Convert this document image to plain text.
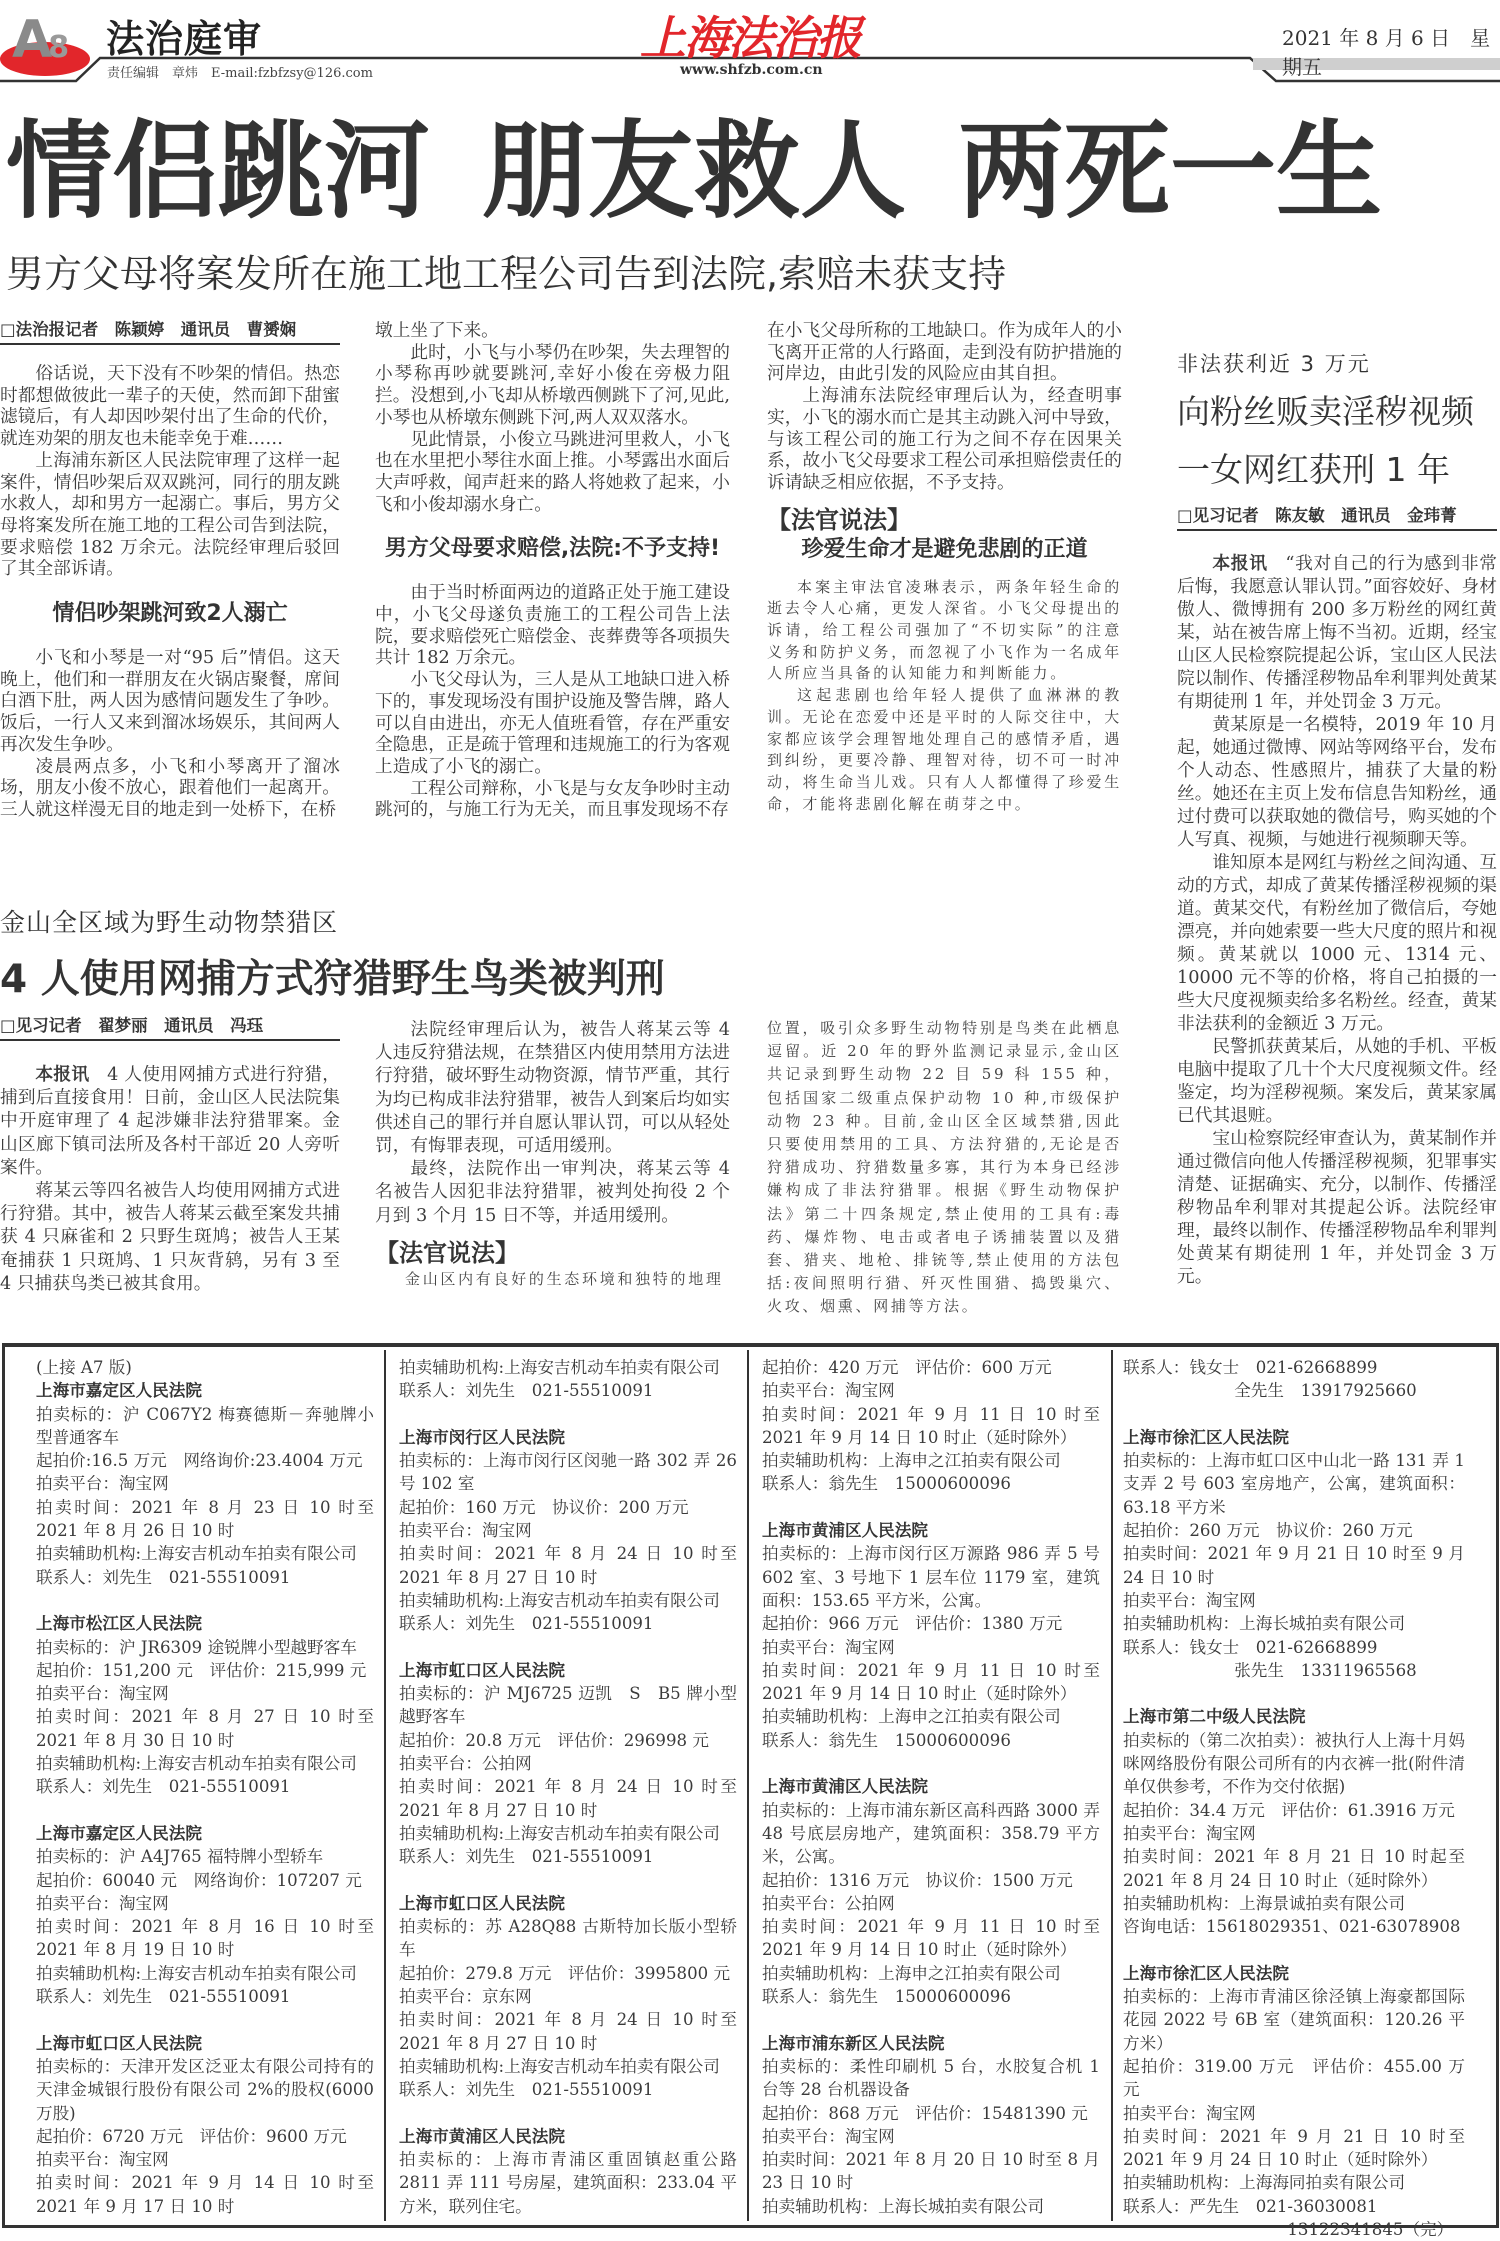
A8 法治庭审	上海法治报	2021 年 8 月 6 日　星期五
责任编辑　章炜　E-mail:fzbfzsy@126.com	www.shfzb.com.cn
情侣跳河 朋友救人 两死一生
男方父母将案发所在施工地工程公司告到法院,索赔未获支持
□法治报记者　陈颖婷　通讯员　曹赟娴
俗话说，天下没有不吵架的情侣。热恋时都想做彼此一辈子的天使，然而卸下甜蜜滤镜后，有人却因吵架付出了生命的代价，就连劝架的朋友也未能幸免于难……
上海浦东新区人民法院审理了这样一起案件，情侣吵架后双双跳河，同行的朋友跳水救人，却和男方一起溺亡。事后，男方父母将案发所在施工地的工程公司告到法院，要求赔偿 182 万余元。法院经审理后驳回了其全部诉请。
情侣吵架跳河致2人溺亡
小飞和小琴是一对“95 后”情侣。这天晚上，他们和一群朋友在火锅店聚餐，席间白酒下肚，两人因为感情问题发生了争吵。饭后，一行人又来到溜冰场娱乐，其间两人再次发生争吵。
凌晨两点多，小飞和小琴离开了溜冰场，朋友小俊不放心，跟着他们一起离开。三人就这样漫无目的地走到一处桥下，在桥
墩上坐了下来。
此时，小飞与小琴仍在吵架，失去理智的小琴称再吵就要跳河,幸好小俊在旁极力阻拦。没想到,小飞却从桥墩西侧跳下了河,见此,小琴也从桥墩东侧跳下河,两人双双落水。
见此情景，小俊立马跳进河里救人，小飞也在水里把小琴往水面上推。小琴露出水面后大声呼救，闻声赶来的路人将她救了起来，小飞和小俊却溺水身亡。
男方父母要求赔偿,法院:不予支持!
由于当时桥面两边的道路正处于施工建设中，小飞父母遂负责施工的工程公司告上法院，要求赔偿死亡赔偿金、丧葬费等各项损失共计 182 万余元。
小飞父母认为，三人是从工地缺口进入桥下的，事发现场没有围护设施及警告牌，路人可以自由进出，亦无人值班看管，存在严重安全隐患，正是疏于管理和违规施工的行为客观上造成了小飞的溺亡。
工程公司辩称，小飞是与女友争吵时主动跳河的，与施工行为无关，而且事发现场不存
在小飞父母所称的工地缺口。作为成年人的小飞离开正常的人行路面，走到没有防护措施的河岸边，由此引发的风险应由其自担。
上海浦东法院经审理后认为，经查明事实，小飞的溺水而亡是其主动跳入河中导致，与该工程公司的施工行为之间不存在因果关系，故小飞父母要求工程公司承担赔偿责任的诉请缺乏相应依据，不予支持。
【法官说法】
珍爱生命才是避免悲剧的正道
本案主审法官凌琳表示，两条年轻生命的逝去令人心痛，更发人深省。小飞父母提出的诉请，给工程公司强加了“不切实际”的注意义务和防护义务，而忽视了小飞作为一名成年人所应当具备的认知能力和判断能力。
这起悲剧也给年轻人提供了血淋淋的教训。无论在恋爱中还是平时的人际交往中，大家都应该学会理智地处理自己的感情矛盾，遇到纠纷，更要冷静、理智对待，切不可一时冲动，将生命当儿戏。只有人人都懂得了珍爱生命，才能将悲剧化解在萌芽之中。
非法获利近 3 万元
向粉丝贩卖淫秽视频
一女网红获刑 1 年
□见习记者　陈友敏　通讯员　金玮菁
本报讯 “我对自己的行为感到非常后悔，我愿意认罪认罚。”面容姣好、身材傲人、微博拥有 200 多万粉丝的网红黄某，站在被告席上悔不当初。近期，经宝山区人民检察院提起公诉，宝山区人民法院以制作、传播淫秽物品牟利罪判处黄某有期徒刑 1 年，并处罚金 3 万元。
黄某原是一名模特，2019 年 10 月起，她通过微博、网站等网络平台，发布个人动态、性感照片，捕获了大量的粉丝。她还在主页上发布信息告知粉丝，通过付费可以获取她的微信号，购买她的个人写真、视频，与她进行视频聊天等。
谁知原本是网红与粉丝之间沟通、互动的方式，却成了黄某传播淫秽视频的渠道。黄某交代，有粉丝加了微信后，夸她漂亮，并向她索要一些大尺度的照片和视频。黄某就以 1000 元、1314 元、10000 元不等的价格，将自己拍摄的一些大尺度视频卖给多名粉丝。经查，黄某非法获利的金额近 3 万元。
民警抓获黄某后，从她的手机、平板电脑中提取了几十个大尺度视频文件。经鉴定，均为淫秽视频。案发后，黄某家属已代其退赃。
宝山检察院经审查认为，黄某制作并通过微信向他人传播淫秽视频，犯罪事实清楚、证据确实、充分，以制作、传播淫秽物品牟利罪对其提起公诉。法院经审理，最终以制作、传播淫秽物品牟利罪判处黄某有期徒刑 1 年，并处罚金 3 万元。
金山全区域为野生动物禁猎区
4 人使用网捕方式狩猎野生鸟类被判刑
□见习记者　翟梦丽　通讯员　冯珏
本报讯 4 人使用网捕方式进行狩猎，捕到后直接食用！日前，金山区人民法院集中开庭审理了 4 起涉嫌非法狩猎罪案。金山区廊下镇司法所及各村干部近 20 人旁听案件。
蒋某云等四名被告人均使用网捕方式进行狩猎。其中，被告人蒋某云截至案发共捕获 4 只麻雀和 2 只野生斑鸠；被告人王某奄捕获 1 只斑鸠、1 只灰背鸫，另有 3 至 4 只捕获鸟类已被其食用。
法院经审理后认为，被告人蒋某云等 4 人违反狩猎法规，在禁猎区内使用禁用方法进行狩猎，破坏野生动物资源，情节严重，其行为均已构成非法狩猎罪，被告人到案后均如实供述自己的罪行并自愿认罪认罚，可以从轻处罚，有悔罪表现，可适用缓刑。
最终，法院作出一审判决，蒋某云等 4 名被告人因犯非法狩猎罪，被判处拘役 2 个月到 3 个月 15 日不等，并适用缓刑。
【法官说法】
金山区内有良好的生态环境和独特的地理
位置，吸引众多野生动物特别是鸟类在此栖息逗留。近 20 年的野外监测记录显示,金山区共记录到野生动物 22 目 59 科 155 种，包括国家二级重点保护动物 10 种,市级保护动物 23 种。目前,金山区全区域禁猎,因此只要使用禁用的工具、方法狩猎的,无论是否狩猎成功、狩猎数量多寡，其行为本身已经涉嫌构成了非法狩猎罪。根据《野生动物保护法》第二十四条规定,禁止使用的工具有:毒药、爆炸物、电击或者电子诱捕装置以及猎套、猎夹、地枪、排铳等,禁止使用的方法包括:夜间照明行猎、歼灭性围猎、捣毁巢穴、火攻、烟熏、网捕等方法。
(上接 A7 版)
上海市嘉定区人民法院
拍卖标的：沪 C067Y2 梅赛德斯－奔驰牌小型普通客车
起拍价:16.5 万元　网络询价:23.4004 万元
拍卖平台：淘宝网
拍卖时间：2021 年 8 月 23 日 10 时至 2021 年 8 月 26 日 10 时
拍卖辅助机构:上海安吉机动车拍卖有限公司
联系人：刘先生　021-55510091
上海市松江区人民法院
拍卖标的：沪 JR6309 途锐牌小型越野客车
起拍价：151,200 元　评估价：215,999 元
拍卖平台：淘宝网
拍卖时间：2021 年 8 月 27 日 10 时至 2021 年 8 月 30 日 10 时
拍卖辅助机构:上海安吉机动车拍卖有限公司
联系人：刘先生　021-55510091
上海市嘉定区人民法院
拍卖标的：沪 A4J765 福特牌小型轿车
起拍价：60040 元　网络询价：107207 元
拍卖平台：淘宝网
拍卖时间：2021 年 8 月 16 日 10 时至 2021 年 8 月 19 日 10 时
拍卖辅助机构:上海安吉机动车拍卖有限公司
联系人：刘先生　021-55510091
上海市虹口区人民法院
拍卖标的：天津开发区泛亚太有限公司持有的天津金城银行股份有限公司 2%的股权(6000 万股)
起拍价：6720 万元　评估价：9600 万元
拍卖平台：淘宝网
拍卖时间：2021 年 9 月 14 日 10 时至 2021 年 9 月 17 日 10 时
拍卖辅助机构:上海安吉机动车拍卖有限公司
联系人：刘先生　021-55510091
上海市闵行区人民法院
拍卖标的：上海市闵行区闵驰一路 302 弄 26 号 102 室
起拍价：160 万元　协议价：200 万元
拍卖平台：淘宝网
拍卖时间：2021 年 8 月 24 日 10 时至 2021 年 8 月 27 日 10 时
拍卖辅助机构:上海安吉机动车拍卖有限公司
联系人：刘先生　021-55510091
上海市虹口区人民法院
拍卖标的：沪 MJ6725 迈凯　S　B5 牌小型越野客车
起拍价：20.8 万元　评估价：296998 元
拍卖平台：公拍网
拍卖时间：2021 年 8 月 24 日 10 时至 2021 年 8 月 27 日 10 时
拍卖辅助机构:上海安吉机动车拍卖有限公司
联系人：刘先生　021-55510091
上海市虹口区人民法院
拍卖标的：苏 A28Q88 古斯特加长版小型轿车
起拍价：279.8 万元　评估价：3995800 元
拍卖平台：京东网
拍卖时间：2021 年 8 月 24 日 10 时至 2021 年 8 月 27 日 10 时
拍卖辅助机构:上海安吉机动车拍卖有限公司
联系人：刘先生　021-55510091
上海市黄浦区人民法院
拍卖标的：上海市青浦区重固镇赵重公路 2811 弄 111 号房屋，建筑面积：233.04 平方米，联列住宅。
起拍价：420 万元　评估价：600 万元
拍卖平台：淘宝网
拍卖时间：2021 年 9 月 11 日 10 时至 2021 年 9 月 14 日 10 时止（延时除外）
拍卖辅助机构：上海申之江拍卖有限公司
联系人：翁先生　15000600096
上海市黄浦区人民法院
拍卖标的：上海市闵行区万源路 986 弄 5 号 602 室、3 号地下 1 层车位 1179 室，建筑面积：153.65 平方米，公寓。
起拍价：966 万元　评估价：1380 万元
拍卖平台：淘宝网
拍卖时间：2021 年 9 月 11 日 10 时至 2021 年 9 月 14 日 10 时止（延时除外）
拍卖辅助机构：上海申之江拍卖有限公司
联系人：翁先生　15000600096
上海市黄浦区人民法院
拍卖标的：上海市浦东新区高科西路 3000 弄 48 号底层房地产，建筑面积：358.79 平方米，公寓。
起拍价：1316 万元　协议价：1500 万元
拍卖平台：公拍网
拍卖时间：2021 年 9 月 11 日 10 时至 2021 年 9 月 14 日 10 时止（延时除外）
拍卖辅助机构：上海申之江拍卖有限公司
联系人：翁先生　15000600096
上海市浦东新区人民法院
拍卖标的：柔性印刷机 5 台，水胶复合机 1 台等 28 台机器设备
起拍价：868 万元　评估价：15481390 元
拍卖平台：淘宝网
拍卖时间：2021 年 8 月 20 日 10 时至 8 月 23 日 10 时
拍卖辅助机构：上海长城拍卖有限公司
联系人：钱女士　021-62668899
全先生　13917925660
上海市徐汇区人民法院
拍卖标的：上海市虹口区中山北一路 131 弄 1 支弄 2 号 603 室房地产，公寓，建筑面积：63.18 平方米
起拍价：260 万元　协议价：260 万元
拍卖时间：2021 年 9 月 21 日 10 时至 9 月 24 日 10 时
拍卖平台：淘宝网
拍卖辅助机构：上海长城拍卖有限公司
联系人：钱女士　021-62668899
张先生　13311965568
上海市第二中级人民法院
拍卖标的（第二次拍卖）：被执行人上海十月妈咪网络股份有限公司所有的内衣裤一批(附件清单仅供参考，不作为交付依据)
起拍价：34.4 万元　评估价：61.3916 万元
拍卖平台：淘宝网
拍卖时间：2021 年 8 月 21 日 10 时起至 2021 年 8 月 24 日 10 时止（延时除外）
拍卖辅助机构：上海景诚拍卖有限公司
咨询电话：15618029351、021-63078908
上海市徐汇区人民法院
拍卖标的：上海市青浦区徐泾镇上海豪都国际花园 2022 号 6B 室（建筑面积：120.26 平方米）
起拍价：319.00 万元　评估价：455.00 万元
拍卖平台：淘宝网
拍卖时间：2021 年 9 月 21 日 10 时至 2021 年 9 月 24 日 10 时止（延时除外）
拍卖辅助机构：上海海同拍卖有限公司
联系人：严先生　021-36030081
13122341845 （完）
